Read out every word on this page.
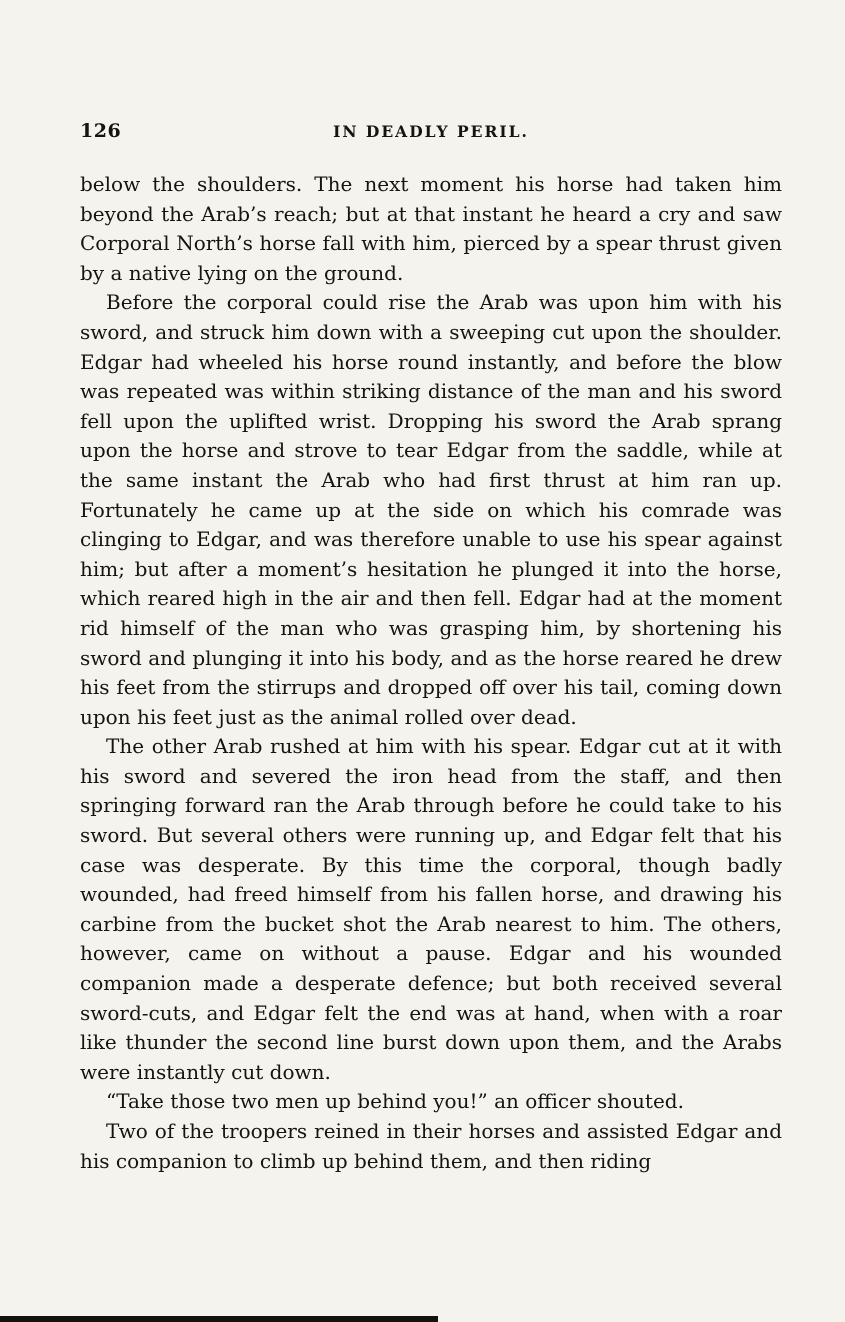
126	IN DEADLY PERIL.

below the shoulders. The next moment his horse had taken him beyond the Arab’s reach; but at that instant he heard a cry and saw Corporal North’s horse fall with him, pierced by a spear thrust given by a native lying on the ground.

Before the corporal could rise the Arab was upon him with his sword, and struck him down with a sweeping cut upon the shoulder. Edgar had wheeled his horse round instantly, and before the blow was repeated was within striking distance of the man and his sword fell upon the uplifted wrist. Dropping his sword the Arab sprang upon the horse and strove to tear Edgar from the saddle, while at the same instant the Arab who had first thrust at him ran up. Fortunately he came up at the side on which his comrade was clinging to Edgar, and was therefore unable to use his spear against him; but after a moment’s hesitation he plunged it into the horse, which reared high in the air and then fell. Edgar had at the moment rid himself of the man who was grasping him, by shortening his sword and plunging it into his body, and as the horse reared he drew his feet from the stirrups and dropped off over his tail, coming down upon his feet just as the animal rolled over dead.

The other Arab rushed at him with his spear. Edgar cut at it with his sword and severed the iron head from the staff, and then springing forward ran the Arab through before he could take to his sword. But several others were running up, and Edgar felt that his case was desperate. By this time the corporal, though badly wounded, had freed himself from his fallen horse, and drawing his carbine from the bucket shot the Arab nearest to him. The others, however, came on without a pause. Edgar and his wounded companion made a desperate defence; but both received several sword-cuts, and Edgar felt the end was at hand, when with a roar like thunder the second line burst down upon them, and the Arabs were instantly cut down.

“Take those two men up behind you!” an officer shouted.

Two of the troopers reined in their horses and assisted Edgar and his companion to climb up behind them, and then riding
